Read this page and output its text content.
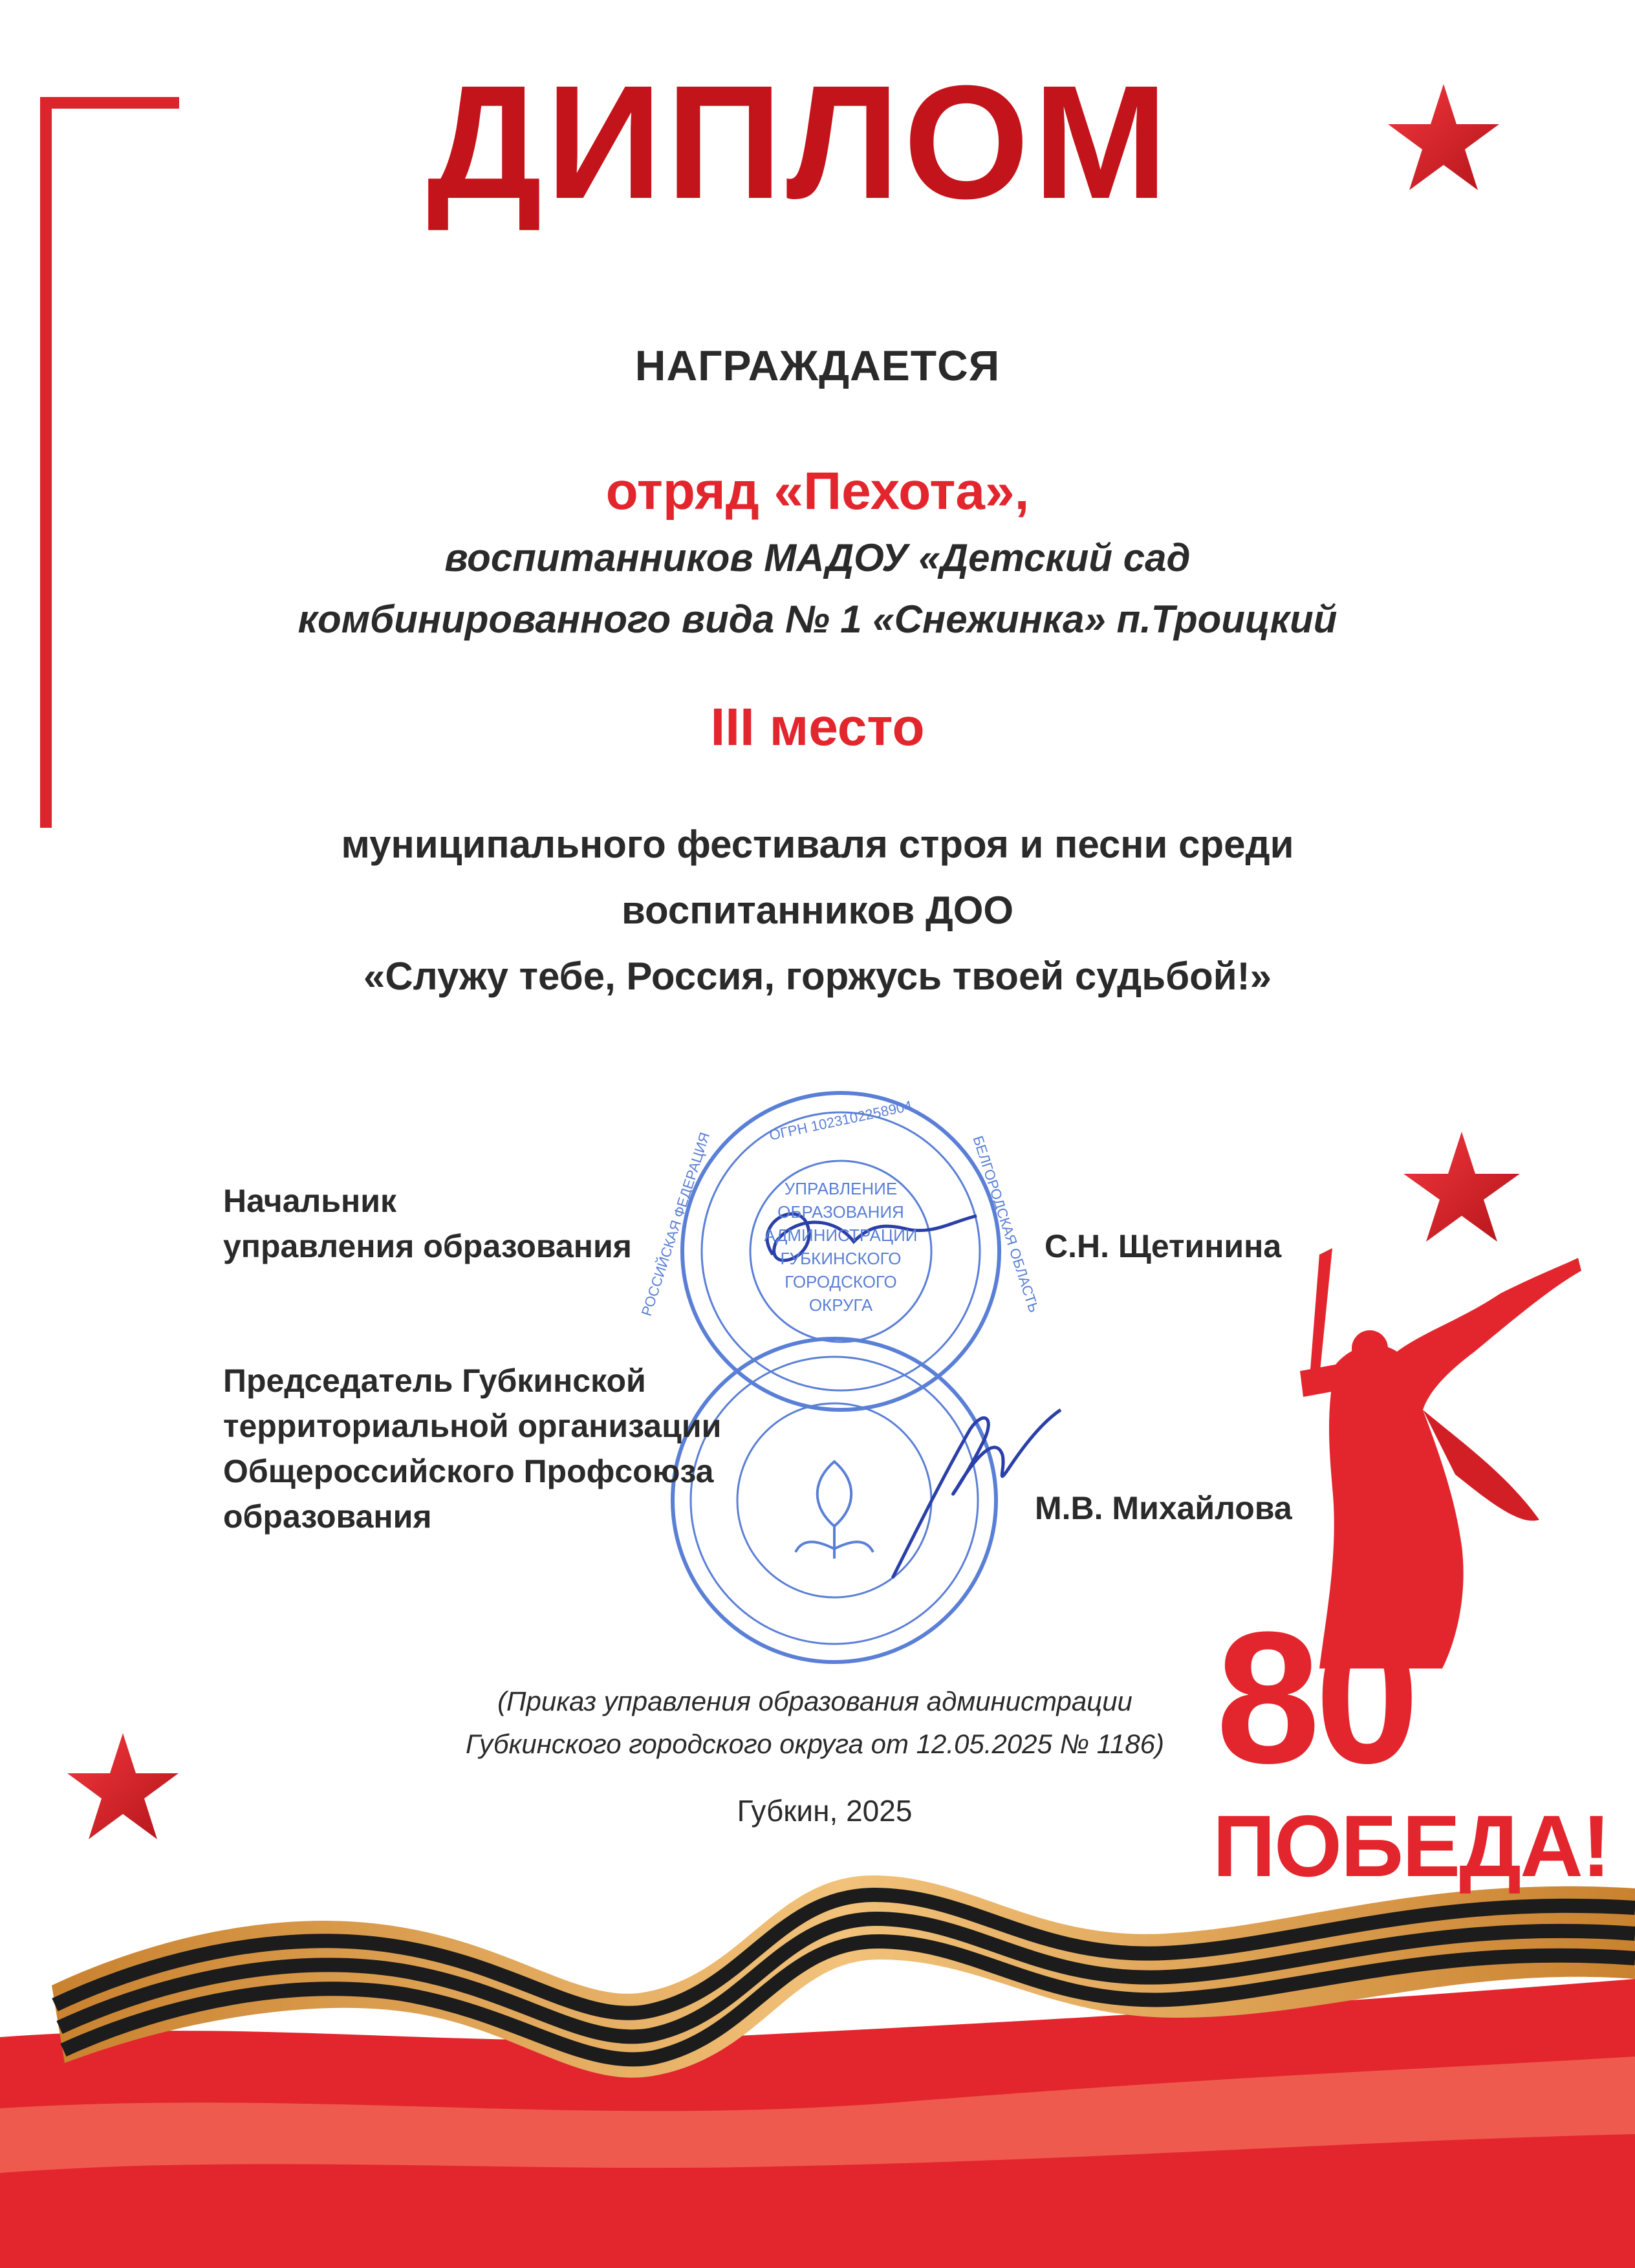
ДИПЛОМ
УПРАВЛЕНИЕ
ОБРАЗОВАНИЯ
АДМИНИСТРАЦИИ
ГУБКИНСКОГО
ГОРОДСКОГО
ОКРУГА
ОГРН 1023102258904
БЕЛГОРОДСКАЯ ОБЛАСТЬ
РОССИЙСКАЯ ФЕДЕРАЦИЯ
НАГРАЖДАЕТСЯ
отряд «Пехота»,
воспитанников МАДОУ «Детский сад
комбинированного вида № 1 «Снежинка» п.Троицкий
III место
муниципального фестиваля строя и песни среди
воспитанников ДОО
«Служу тебе, Россия, горжусь твоей судьбой!»
Начальник
управления образования	С.Н. Щетинина
Председатель Губкинской
территориальной организации
Общероссийского Профсоюза
образования	М.В. Михайлова
(Приказ управления образования администрации
Губкинского городского округа от 12.05.2025 № 1186)
Губкин, 2025
80
ПОБЕДА!
